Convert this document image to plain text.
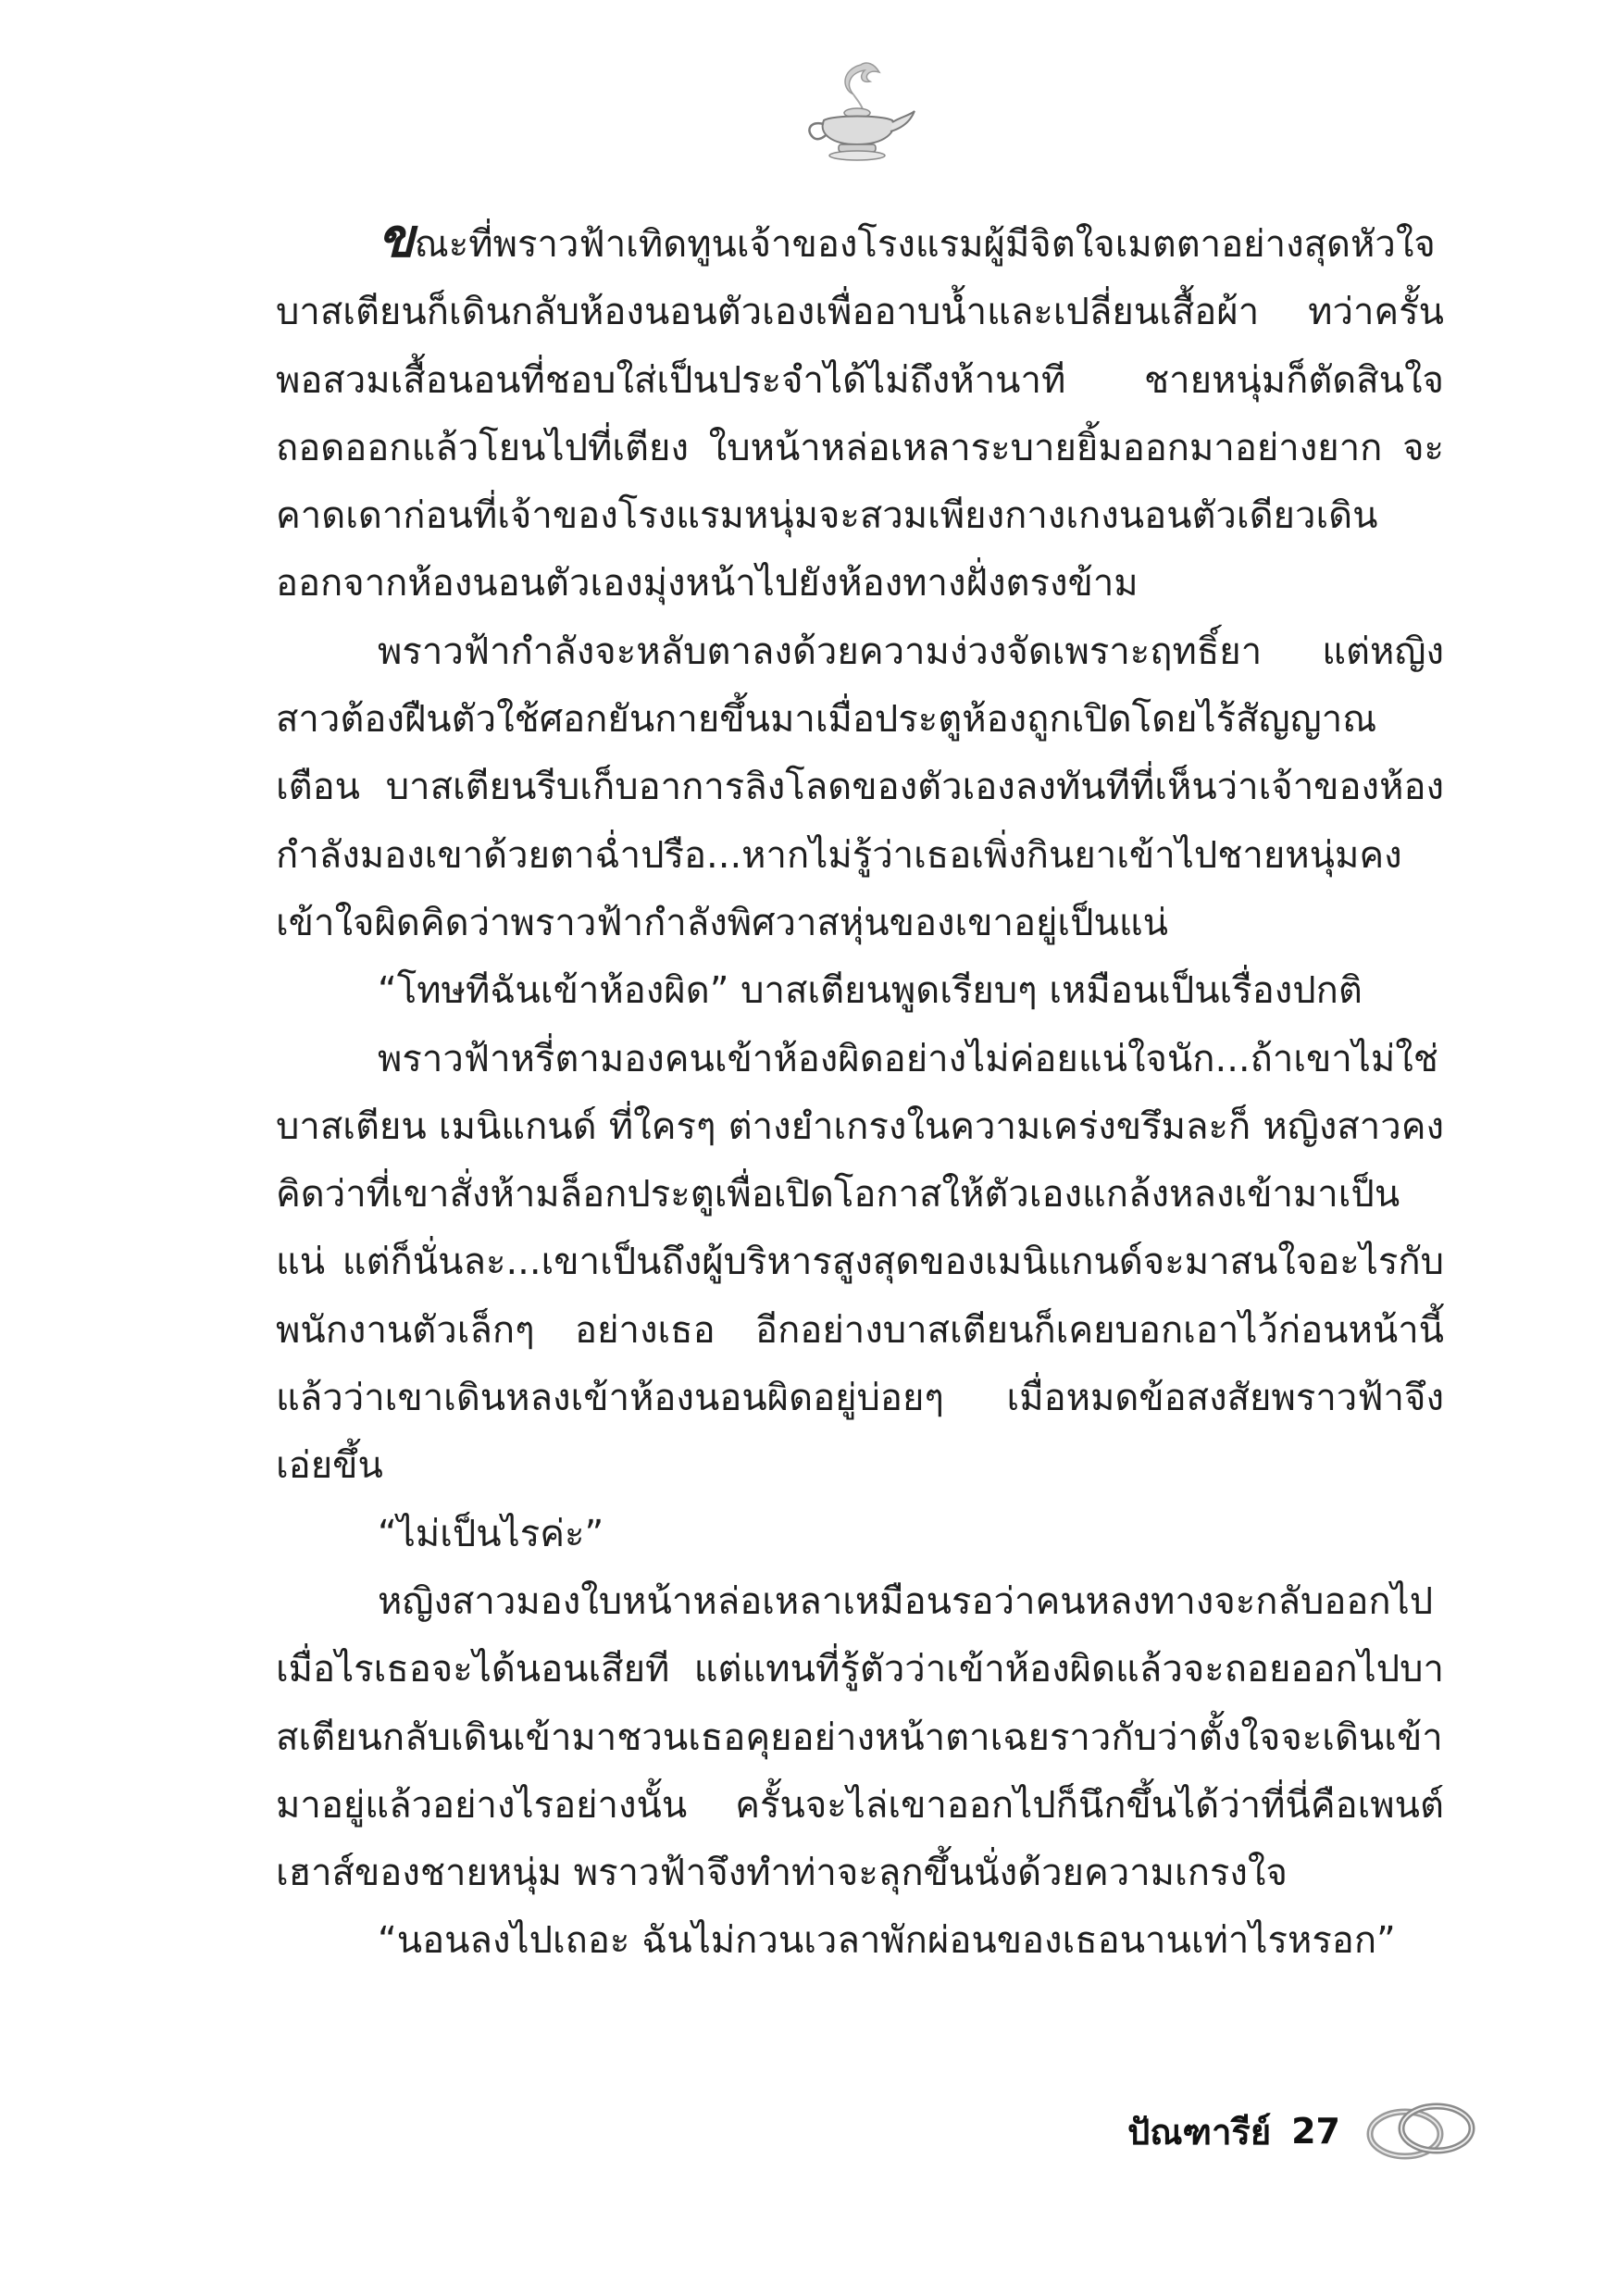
ขณะที่พราวฟ้าเทิดทูนเจ้าของโรงแรมผู้มีจิตใจเมตตาอย่างสุดหัวใจ บาสเตียนก็เดินกลับห้องนอนตัวเองเพื่ออาบน้ำและเปลี่ยนเสื้อผ้า ทว่าครั้นพอสวมเสื้อนอนที่ชอบใส่เป็นประจำได้ไม่ถึงห้านาที ชายหนุ่มก็ตัดสินใจถอดออกแล้วโยนไปที่เตียง ใบหน้าหล่อเหลาระบายยิ้มออกมาอย่างยาก จะคาดเดาก่อนที่เจ้าของโรงแรมหนุ่มจะสวมเพียงกางเกงนอนตัวเดียวเดินออกจากห้องนอนตัวเองมุ่งหน้าไปยังห้องทางฝั่งตรงข้าม

พราวฟ้ากำลังจะหลับตาลงด้วยความง่วงจัดเพราะฤทธิ์ยา แต่หญิงสาวต้องฝืนตัวใช้ศอกยันกายขึ้นมาเมื่อประตูห้องถูกเปิดโดยไร้สัญญาณเตือน บาสเตียนรีบเก็บอาการลิงโลดของตัวเองลงทันทีที่เห็นว่าเจ้าของห้องกำลังมองเขาด้วยตาฉ่ำปรือ...หากไม่รู้ว่าเธอเพิ่งกินยาเข้าไปชายหนุ่มคงเข้าใจผิดคิดว่าพราวฟ้ากำลังพิศวาสหุ่นของเขาอยู่เป็นแน่

“โทษทีฉันเข้าห้องผิด” บาสเตียนพูดเรียบๆ เหมือนเป็นเรื่องปกติ

พราวฟ้าหรี่ตามองคนเข้าห้องผิดอย่างไม่ค่อยแน่ใจนัก...ถ้าเขาไม่ใช่บาสเตียน เมนิแกนด์ ที่ใครๆ ต่างยำเกรงในความเคร่งขรึมละก็ หญิงสาวคงคิดว่าที่เขาสั่งห้ามล็อกประตูเพื่อเปิดโอกาสให้ตัวเองแกล้งหลงเข้ามาเป็นแน่ แต่ก็นั่นละ...เขาเป็นถึงผู้บริหารสูงสุดของเมนิแกนด์จะมาสนใจอะไรกับพนักงานตัวเล็กๆ อย่างเธอ อีกอย่างบาสเตียนก็เคยบอกเอาไว้ก่อนหน้านี้แล้วว่าเขาเดินหลงเข้าห้องนอนผิดอยู่บ่อยๆ เมื่อหมดข้อสงสัยพราวฟ้าจึงเอ่ยขึ้น

“ไม่เป็นไรค่ะ”

หญิงสาวมองใบหน้าหล่อเหลาเหมือนรอว่าคนหลงทางจะกลับออกไปเมื่อไรเธอจะได้นอนเสียที แต่แทนที่รู้ตัวว่าเข้าห้องผิดแล้วจะถอยออกไปบาสเตียนกลับเดินเข้ามาชวนเธอคุยอย่างหน้าตาเฉยราวกับว่าตั้งใจจะเดินเข้ามาอยู่แล้วอย่างไรอย่างนั้น ครั้นจะไล่เขาออกไปก็นึกขึ้นได้ว่าที่นี่คือเพนต์เฮาส์ของชายหนุ่ม พราวฟ้าจึงทำท่าจะลุกขึ้นนั่งด้วยความเกรงใจ

“นอนลงไปเถอะ ฉันไม่กวนเวลาพักผ่อนของเธอนานเท่าไรหรอก”

ปัณฑารีย์ 27
